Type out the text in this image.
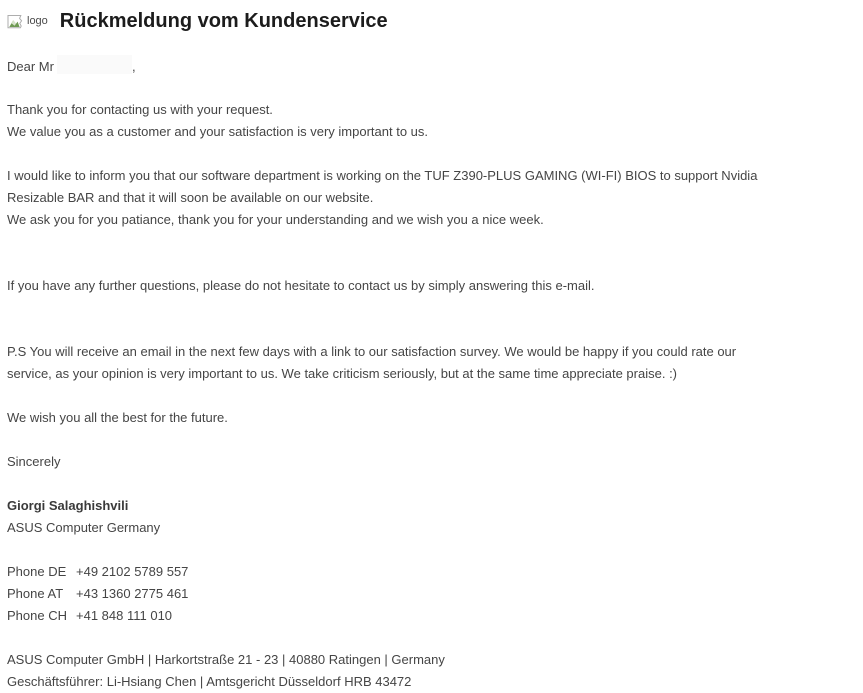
logo Rückmeldung vom Kundenservice
Dear Mr	,
Thank you for contacting us with your request.
We value you as a customer and your satisfaction is very important to us.
I would like to inform you that our software department is working on the TUF Z390-PLUS GAMING (WI-FI) BIOS to support Nvidia
Resizable BAR and that it will soon be available on our website.
We ask you for you patiance, thank you for your understanding and we wish you a nice week.
If you have any further questions, please do not hesitate to contact us by simply answering this e-mail.
P.S You will receive an email in the next few days with a link to our satisfaction survey. We would be happy if you could rate our
service, as your opinion is very important to us. We take criticism seriously, but at the same time appreciate praise. :)
We wish you all the best for the future.
Sincerely
Giorgi Salaghishvili
ASUS Computer Germany
Phone DE +49 2102 5789 557
Phone AT +43 1360 2775 461
Phone CH +41 848 111 010
ASUS Computer GmbH | Harkortstraße 21 - 23 | 40880 Ratingen | Germany
Geschäftsführer: Li-Hsiang Chen | Amtsgericht Düsseldorf HRB 43472
